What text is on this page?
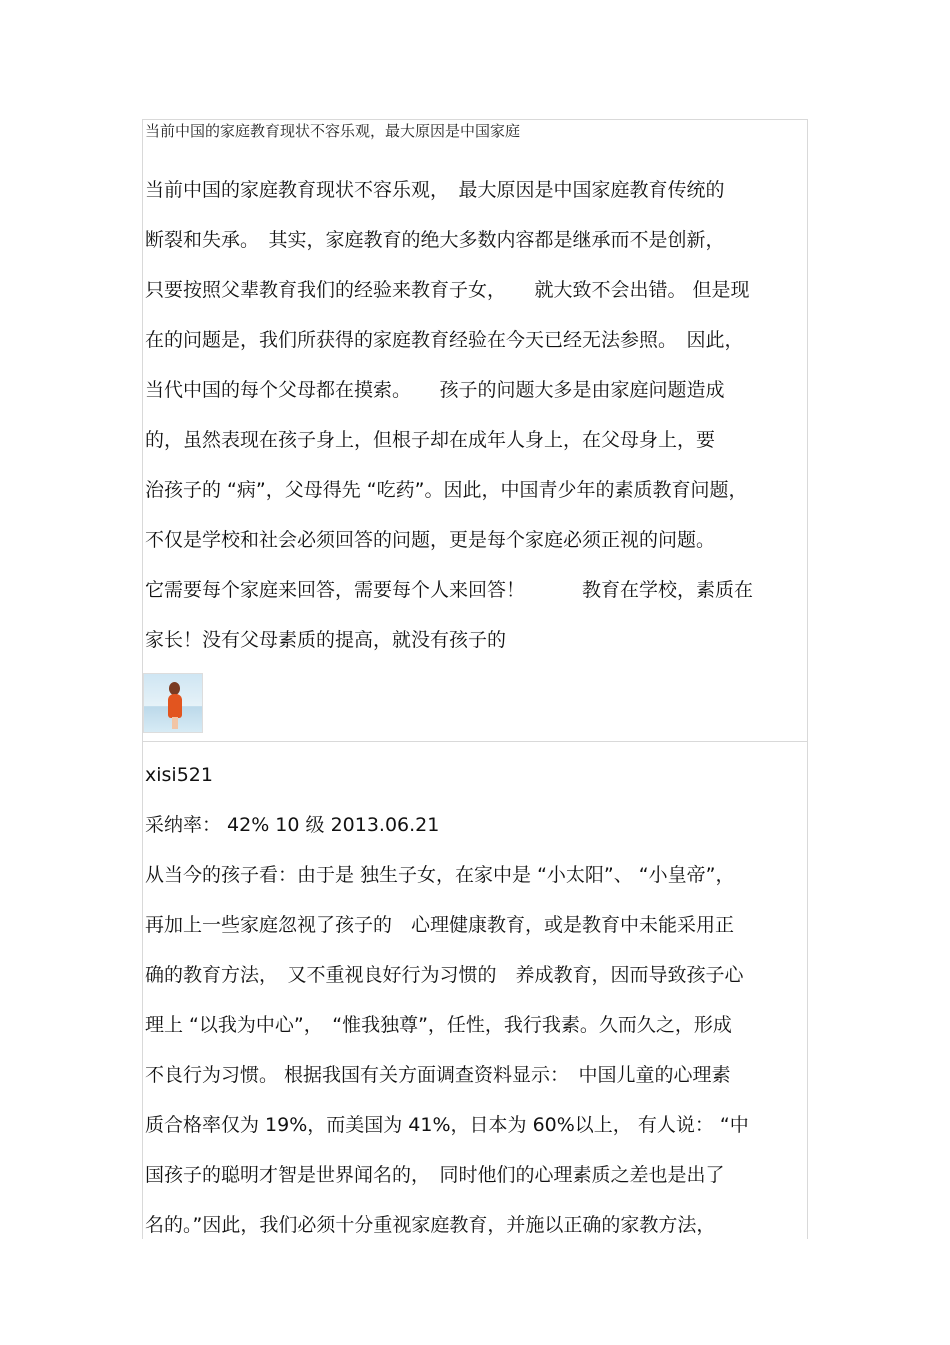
当前中国的家庭教育现状不容乐观，最大原因是中国家庭

当前中国的家庭教育现状不容乐观，　最大原因是中国家庭教育传统的
断裂和失承。　其实，家庭教育的绝大多数内容都是继承而不是创新，
只要按照父辈教育我们的经验来教育子女，　　就大致不会出错。 但是现
在的问题是，我们所获得的家庭教育经验在今天已经无法参照。　因此，
当代中国的每个父母都在摸索。　　孩子的问题大多是由家庭问题造成
的，虽然表现在孩子身上，但根子却在成年人身上，在父母身上，要
治孩子的 “病”，父母得先 “吃药”。因此，中国青少年的素质教育问题，
不仅是学校和社会必须回答的问题，更是每个家庭必须正视的问题。
它需要每个家庭来回答，需要每个人来回答！　　　教育在学校，素质在
家长！没有父母素质的提高，就没有孩子的
xisi521
采纳率： 42% 10 级 2013.06.21
从当今的孩子看：由于是 独生子女，在家中是 “小太阳”、 “小皇帝”，
再加上一些家庭忽视了孩子的　心理健康教育，或是教育中未能采用正
确的教育方法，　又不重视良好行为习惯的　养成教育，因而导致孩子心
理上 “以我为中心”，　“惟我独尊”，任性，我行我素。久而久之，形成
不良行为习惯。 根据我国有关方面调查资料显示：　中国儿童的心理素
质合格率仅为 19%，而美国为 41%，日本为 60%以上， 有人说： “中
国孩子的聪明才智是世界闻名的，　同时他们的心理素质之差也是出了
名的。”因此，我们必须十分重视家庭教育，并施以正确的家教方法，
